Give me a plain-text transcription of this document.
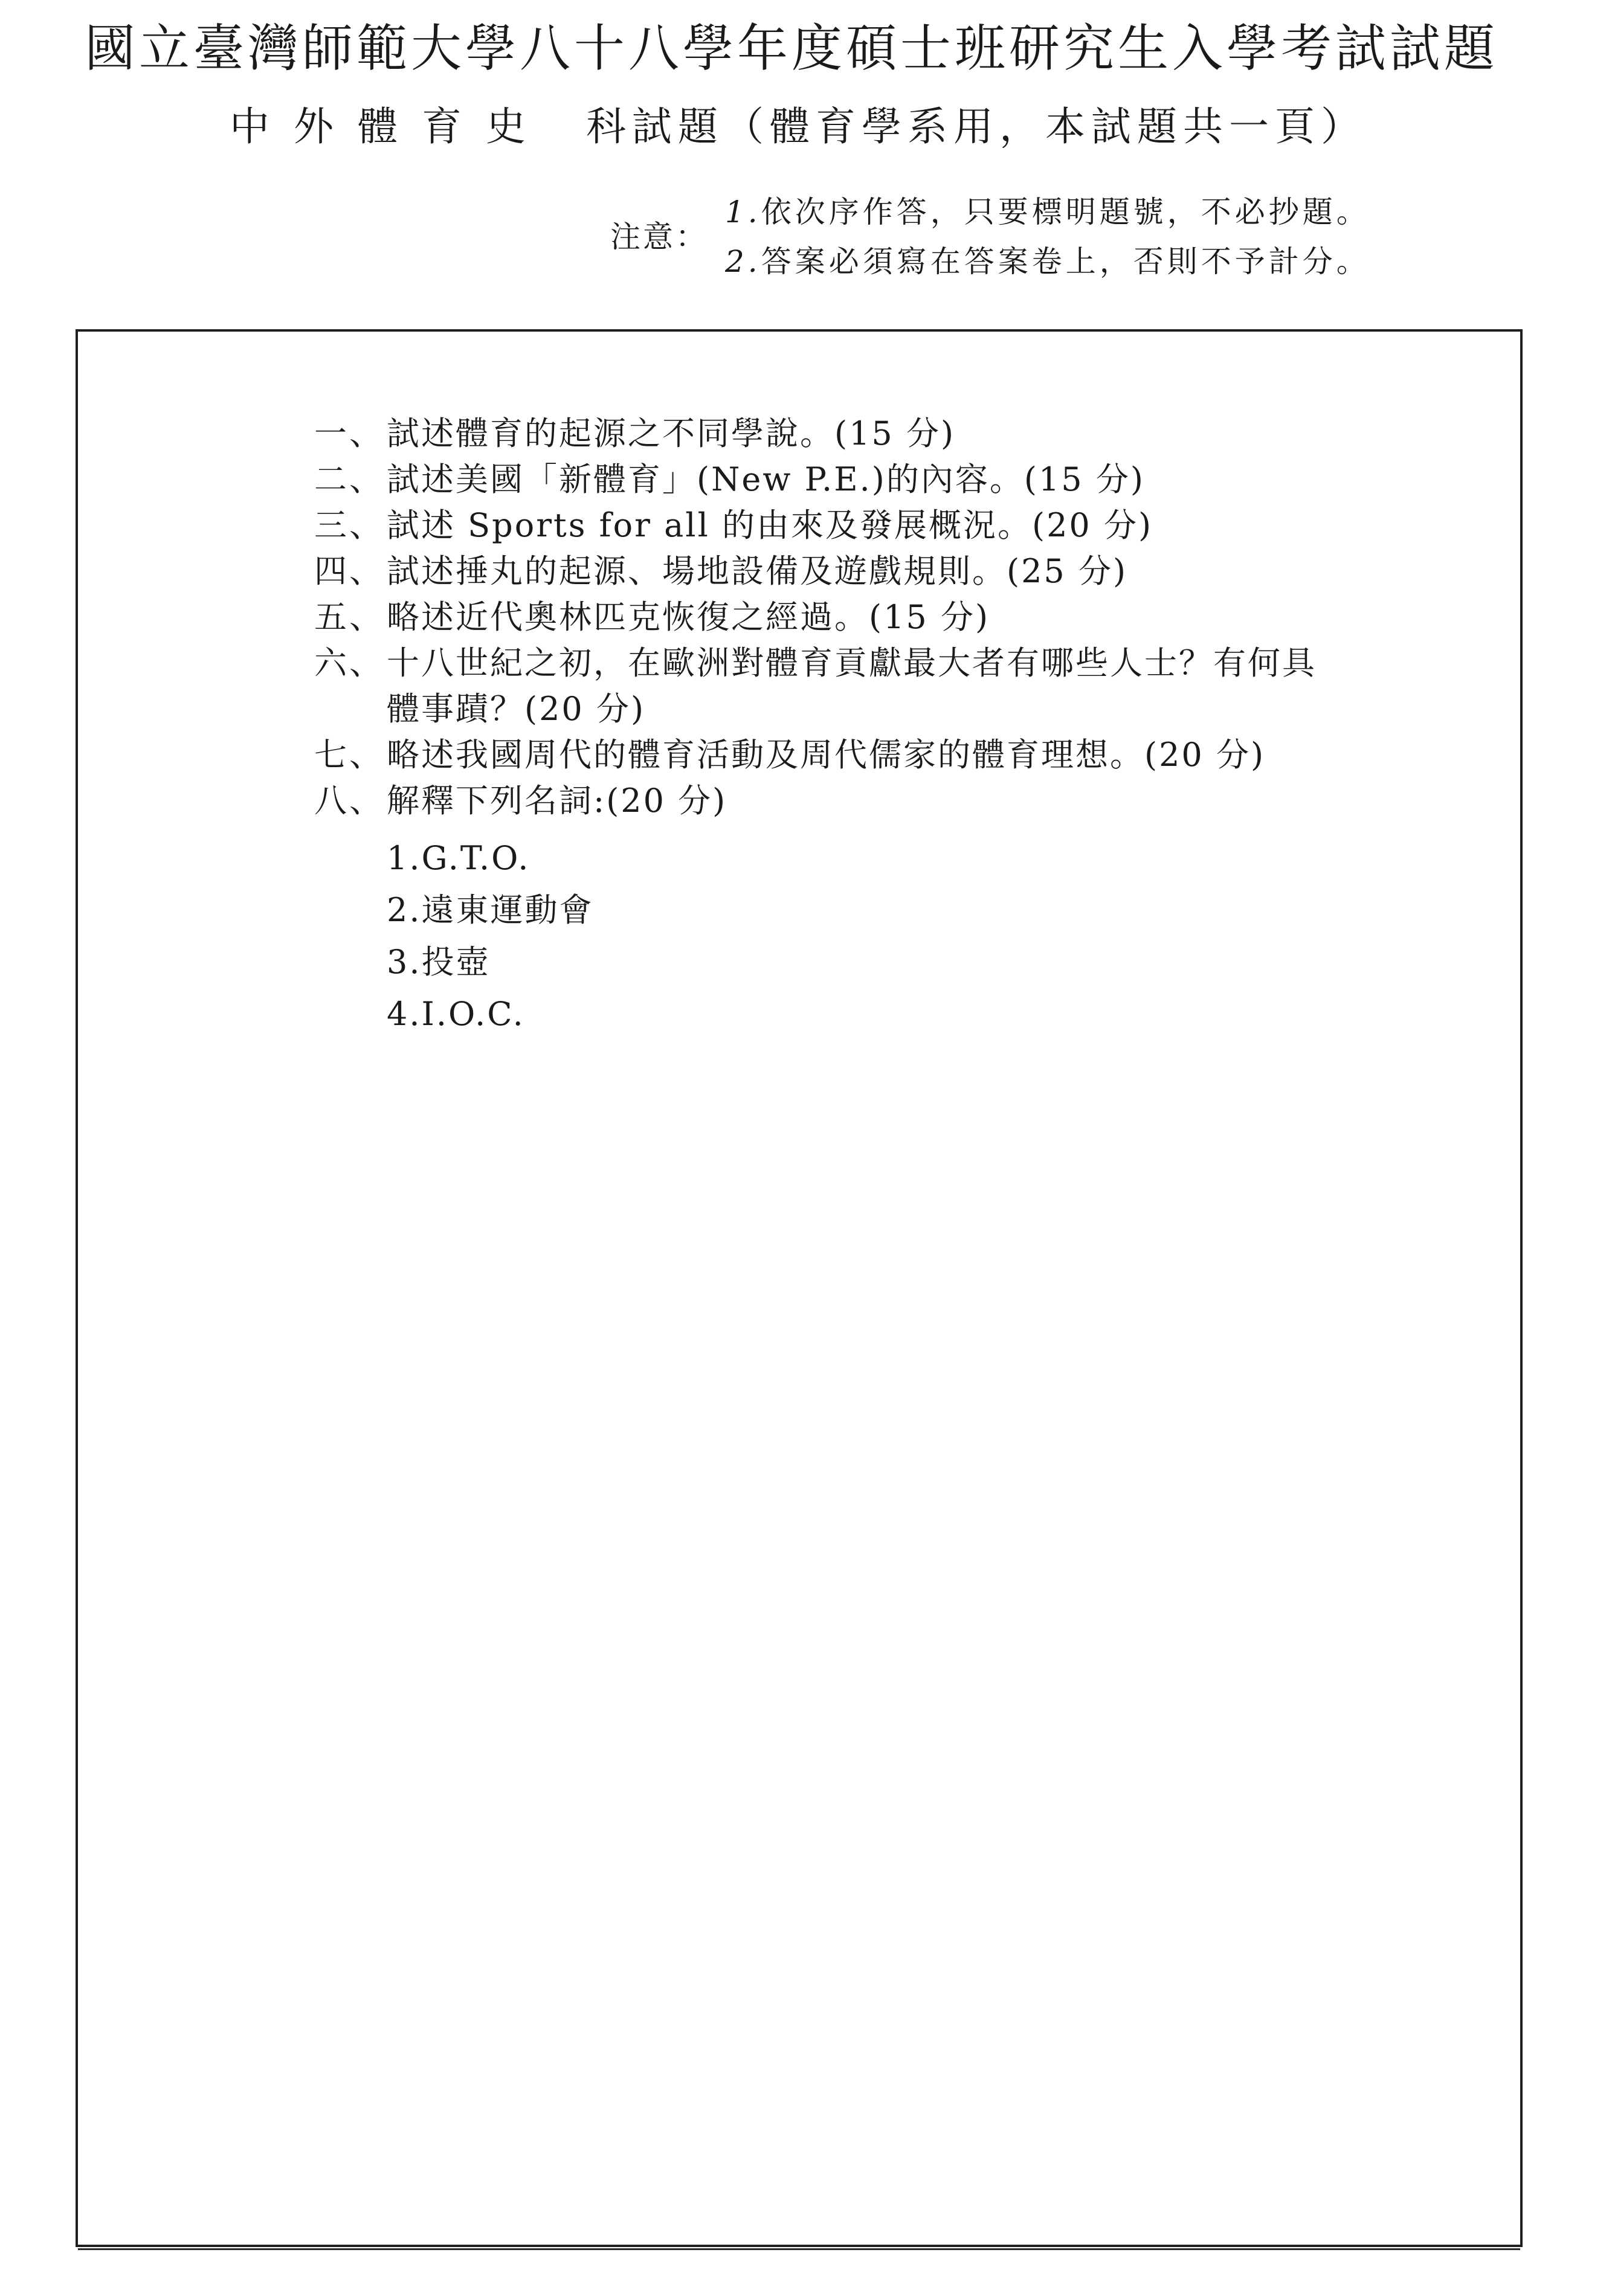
國立臺灣師範大學八十八學年度碩士班研究生入學考試試題
中外體育史 科試題（體育學系用，本試題共一頁）
注意：
1.依次序作答，只要標明題號，不必抄題。
2.答案必須寫在答案卷上，否則不予計分。
一、 試述體育的起源之不同學說。(15 分)
二、 試述美國「新體育」(New P.E.)的內容。(15 分)
三、 試述 Sports for all 的由來及發展概況。(20 分)
四、 試述捶丸的起源、場地設備及遊戲規則。(25 分)
五、 略述近代奧林匹克恢復之經過。(15 分)
六、 十八世紀之初，在歐洲對體育貢獻最大者有哪些人士？有何具
體事蹟？(20 分)
七、 略述我國周代的體育活動及周代儒家的體育理想。(20 分)
八、 解釋下列名詞:(20 分)
1.G.T.O.
2.遠東運動會
3.投壺
4.I.O.C.
